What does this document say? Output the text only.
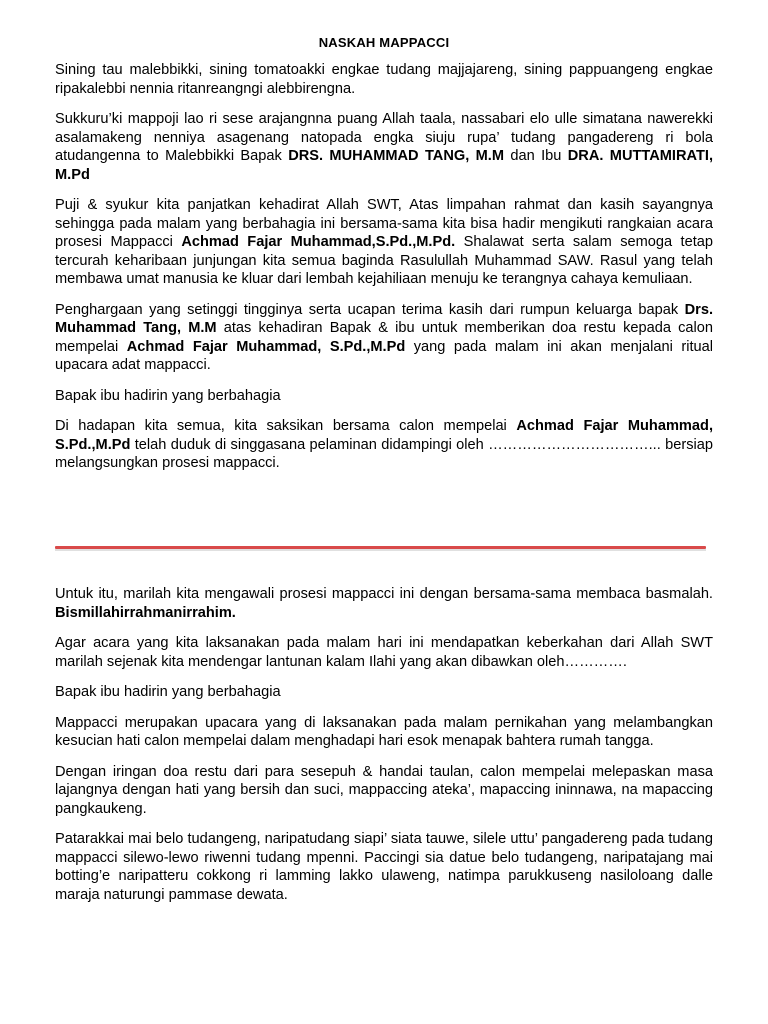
NASKAH MAPPACCI

Sining tau malebbikki, sining tomatoakki engkae tudang majjajareng, sining pappuangeng engkae ripakalebbi nennia ritanreangngi alebbirengna.

Sukkuru’ki mappoji lao ri sese arajangnna puang Allah taala, nassabari elo ulle simatana nawerekki asalamakeng nenniya asagenang natopada engka siuju rupa’ tudang pangadereng ri bola atudangenna to Malebbikki Bapak DRS. MUHAMMAD TANG, M.M dan Ibu DRA. MUTTAMIRATI, M.Pd

Puji & syukur kita panjatkan kehadirat Allah SWT, Atas limpahan rahmat dan kasih sayangnya sehingga pada malam yang berbahagia ini bersama-sama kita bisa hadir mengikuti rangkaian acara prosesi Mappacci Achmad Fajar Muhammad,S.Pd.,M.Pd. Shalawat serta salam semoga tetap tercurah keharibaan junjungan kita semua baginda Rasulullah Muhammad SAW. Rasul yang telah membawa umat manusia ke kluar dari lembah kejahiliaan menuju ke terangnya cahaya kemuliaan.

Penghargaan yang setinggi tingginya serta ucapan terima kasih dari rumpun keluarga bapak Drs. Muhammad Tang, M.M atas kehadiran Bapak & ibu untuk memberikan doa restu kepada calon mempelai Achmad Fajar Muhammad, S.Pd.,M.Pd yang pada malam ini akan menjalani ritual upacara adat mappacci.

Bapak ibu hadirin yang berbahagia

Di hadapan kita semua, kita saksikan bersama calon mempelai Achmad Fajar Muhammad, S.Pd.,M.Pd telah duduk di singgasana pelaminan didampingi oleh ……………………………... bersiap melangsungkan prosesi mappacci.

Untuk itu, marilah kita mengawali prosesi mappacci ini dengan bersama-sama membaca basmalah. Bismillahirrahmanirrahim.

Agar acara yang kita laksanakan pada malam hari ini mendapatkan keberkahan dari Allah SWT marilah sejenak kita mendengar lantunan kalam Ilahi yang akan dibawkan oleh………….

Bapak ibu hadirin yang berbahagia

Mappacci merupakan upacara yang di laksanakan pada malam pernikahan yang melambangkan kesucian hati calon mempelai dalam menghadapi hari esok menapak bahtera rumah tangga.

Dengan iringan doa restu dari para sesepuh & handai taulan, calon mempelai melepaskan masa lajangnya dengan hati yang bersih dan suci, mappaccing ateka’, mapaccing ininnawa, na mapaccing pangkaukeng.

Patarakkai mai belo tudangeng, naripatudang siapi’ siata tauwe, silele uttu’ pangadereng pada tudang mappacci silewo-lewo riwenni tudang mpenni. Paccingi sia datue belo tudangeng, naripatajang mai botting’e naripatteru cokkong ri lamming lakko ulaweng, natimpa parukkuseng nasiloloang dalle maraja naturungi pammase dewata.
